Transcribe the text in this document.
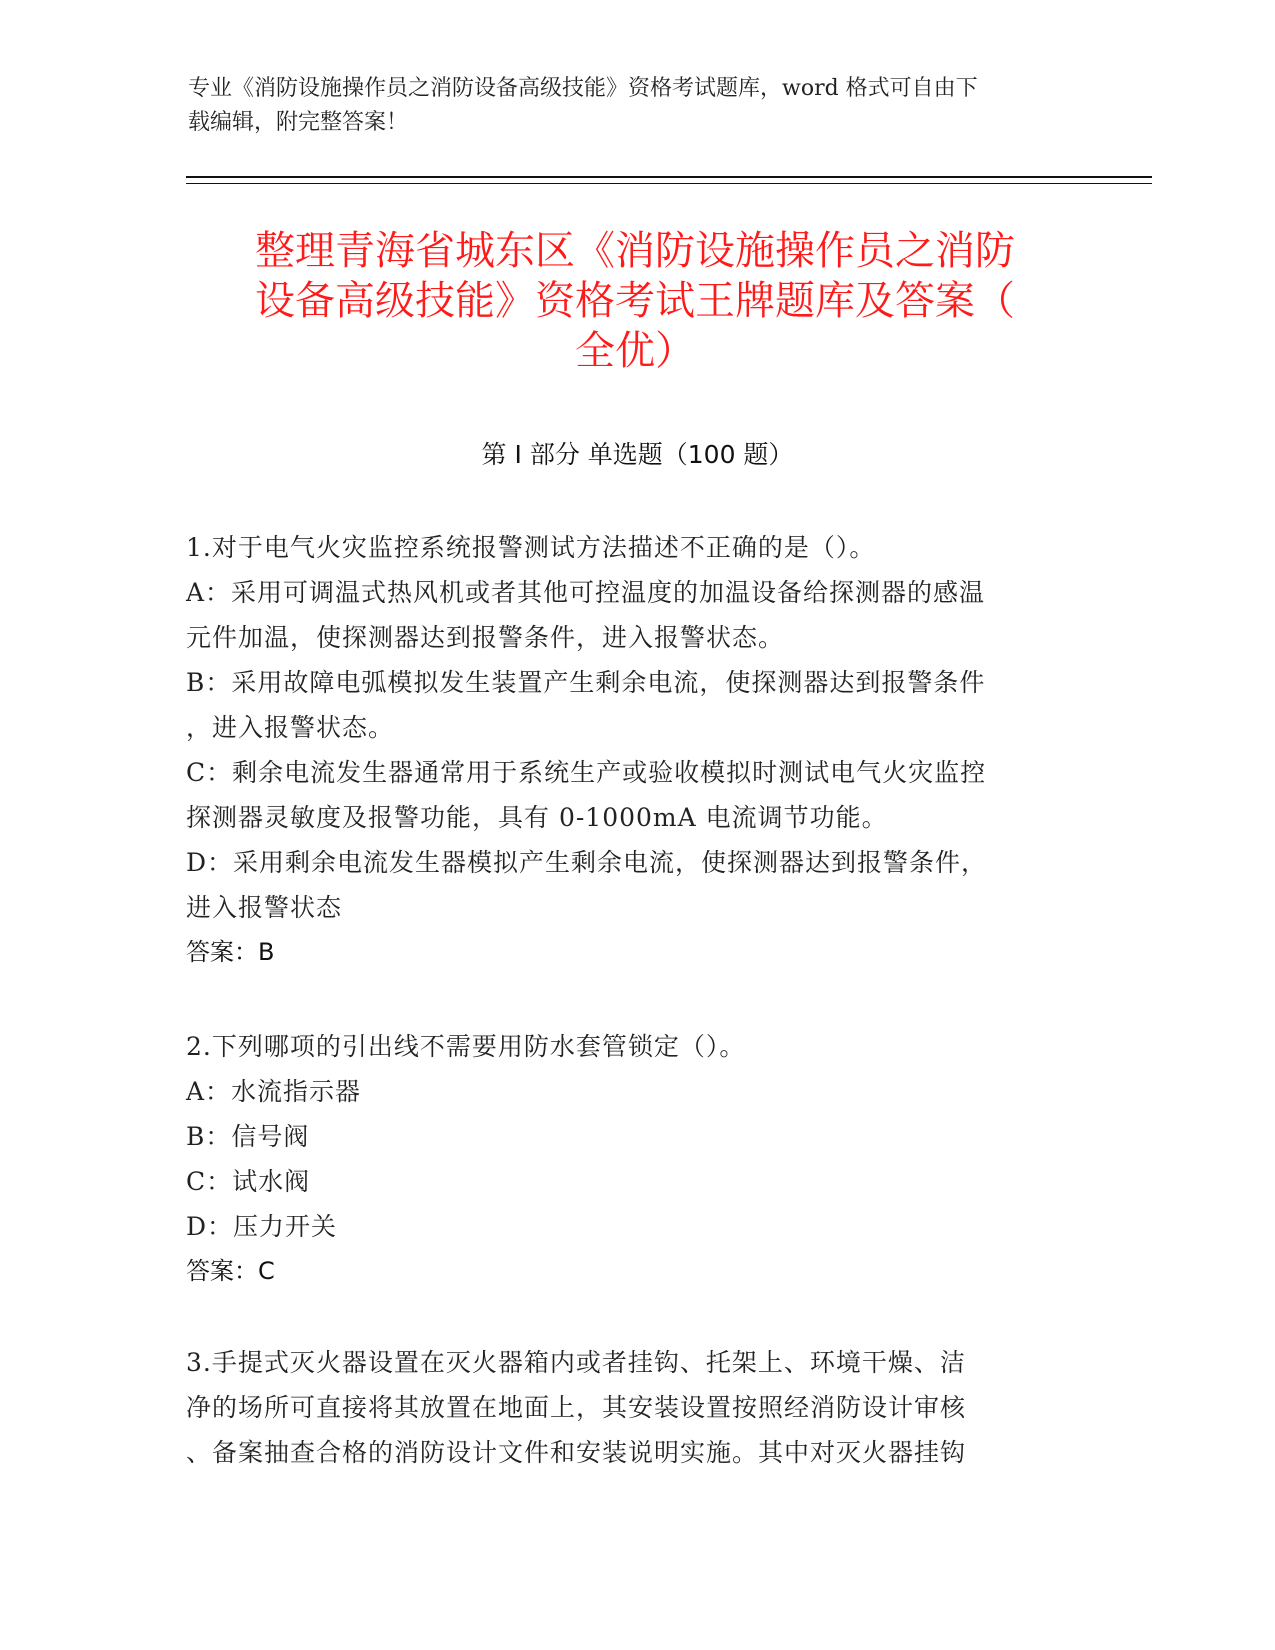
专业《消防设施操作员之消防设备高级技能》资格考试题库，word 格式可自由下
载编辑，附完整答案！
整理青海省城东区《消防设施操作员之消防
设备高级技能》资格考试王牌题库及答案（
全优）
第 I 部分 单选题（100 题）

1.对于电气火灾监控系统报警测试方法描述不正确的是（）。

A：采用可调温式热风机或者其他可控温度的加温设备给探测器的感温

元件加温，使探测器达到报警条件，进入报警状态。

B：采用故障电弧模拟发生装置产生剩余电流，使探测器达到报警条件

，进入报警状态。

C：剩余电流发生器通常用于系统生产或验收模拟时测试电气火灾监控

探测器灵敏度及报警功能，具有 0-1000mA 电流调节功能。

D：采用剩余电流发生器模拟产生剩余电流，使探测器达到报警条件，

进入报警状态

答案：B

2.下列哪项的引出线不需要用防水套管锁定（）。

A：水流指示器

B：信号阀

C：试水阀

D：压力开关

答案：C

3.手提式灭火器设置在灭火器箱内或者挂钩、托架上、环境干燥、洁

净的场所可直接将其放置在地面上，其安装设置按照经消防设计审核

、备案抽查合格的消防设计文件和安装说明实施。其中对灭火器挂钩
